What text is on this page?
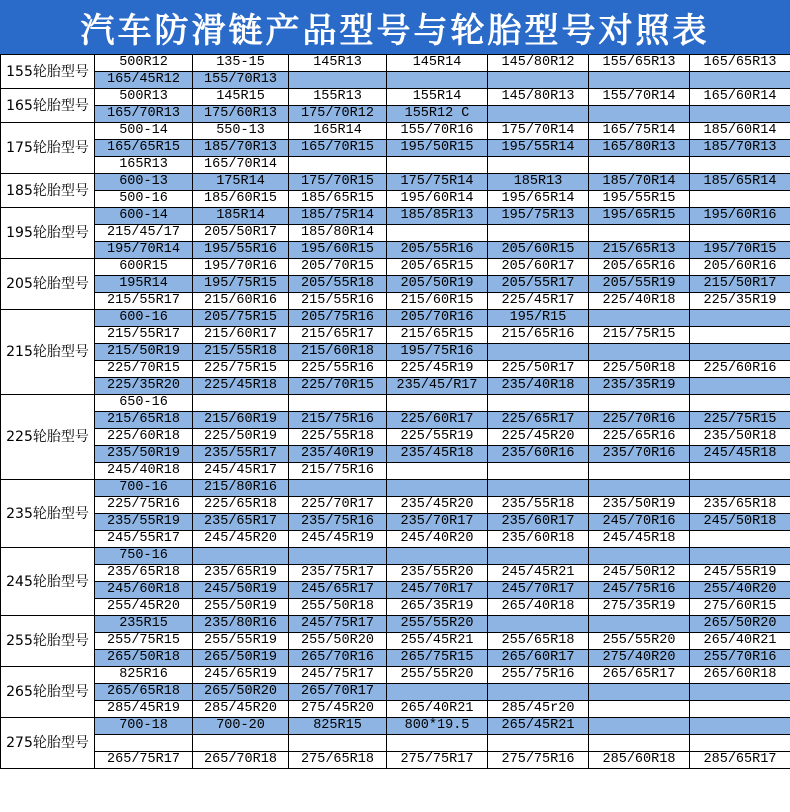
汽车防滑链产品型号与轮胎型号对照表
155轮胎型号	500R12	135-15	145R13	145R14	145/80R12	155/65R13	165/65R13
	165/45R12	155/70R13					
165轮胎型号	500R13	145R15	155R13	155R14	145/80R13	155/70R14	165/60R14
	165/70R13	175/60R13	175/70R12	155R12 C			
175轮胎型号	500-14	550-13	165R14	155/70R16	175/70R14	165/75R14	185/60R14
	165/65R15	185/70R13	165/70R15	195/50R15	195/55R14	165/80R13	185/70R13
	165R13	165/70R14					
185轮胎型号	600-13	175R14	175/70R15	175/75R14	185R13	185/70R14	185/65R14
	500-16	185/60R15	185/65R15	195/60R14	195/65R14	195/55R15	
195轮胎型号	600-14	185R14	185/75R14	185/85R13	195/75R13	195/65R15	195/60R16
	215/45/17	205/50R17	185/80R14				
	195/70R14	195/55R16	195/60R15	205/55R16	205/60R15	215/65R13	195/70R15
205轮胎型号	600R15	195/70R16	205/70R15	205/65R15	205/60R17	205/65R16	205/60R16
	195R14	195/75R15	205/55R18	205/50R19	205/55R17	205/55R19	215/50R17
	215/55R17	215/60R16	215/55R16	215/60R15	225/45R17	225/40R18	225/35R19
215轮胎型号	600-16	205/75R15	205/75R16	205/70R16	195/R15		
	215/55R17	215/60R17	215/65R17	215/65R15	215/65R16	215/75R15	
	215/50R19	215/55R18	215/60R18	195/75R16			
	225/70R15	225/75R15	225/55R16	225/45R19	225/50R17	225/50R18	225/60R16
	225/35R20	225/45R18	225/70R15	235/45/R17	235/40R18	235/35R19	
225轮胎型号	650-16						
	215/65R18	215/60R19	215/75R16	225/60R17	225/65R17	225/70R16	225/75R15
	225/60R18	225/50R19	225/55R18	225/55R19	225/45R20	225/65R16	235/50R18
	235/50R19	235/55R17	235/40R19	235/45R18	235/60R16	235/70R16	245/45R18
	245/40R18	245/45R17	215/75R16				
235轮胎型号	700-16	215/80R16					
	225/75R16	225/65R18	225/70R17	235/45R20	235/55R18	235/50R19	235/65R18
	235/55R19	235/65R17	235/75R16	235/70R17	235/60R17	245/70R16	245/50R18
	245/55R17	245/45R20	245/45R19	245/40R20	235/60R18	245/45R18	
245轮胎型号	750-16						
	235/65R18	235/65R19	235/75R17	235/55R20	245/45R21	245/50R12	245/55R19
	245/60R18	245/50R19	245/65R17	245/70R17	245/70R17	245/75R16	255/40R20
	255/45R20	255/50R19	255/50R18	265/35R19	265/40R18	275/35R19	275/60R15
255轮胎型号	235R15	235/80R16	245/75R17	255/55R20			265/50R20
	255/75R15	255/55R19	255/50R20	255/45R21	255/65R18	255/55R20	265/40R21
	265/50R18	265/50R19	265/70R16	265/75R15	265/60R17	275/40R20	255/70R16
265轮胎型号	825R16	245/65R19	245/75R17	255/55R20	255/75R16	265/65R17	265/60R18
	265/65R18	265/50R20	265/70R17				
	285/45R19	285/45R20	275/45R20	265/40R21	285/45r20		
275轮胎型号	700-18	700-20	825R15	800*19.5	265/45R21		

	265/75R17	265/70R18	275/65R18	275/75R17	275/75R16	285/60R18	285/65R17
